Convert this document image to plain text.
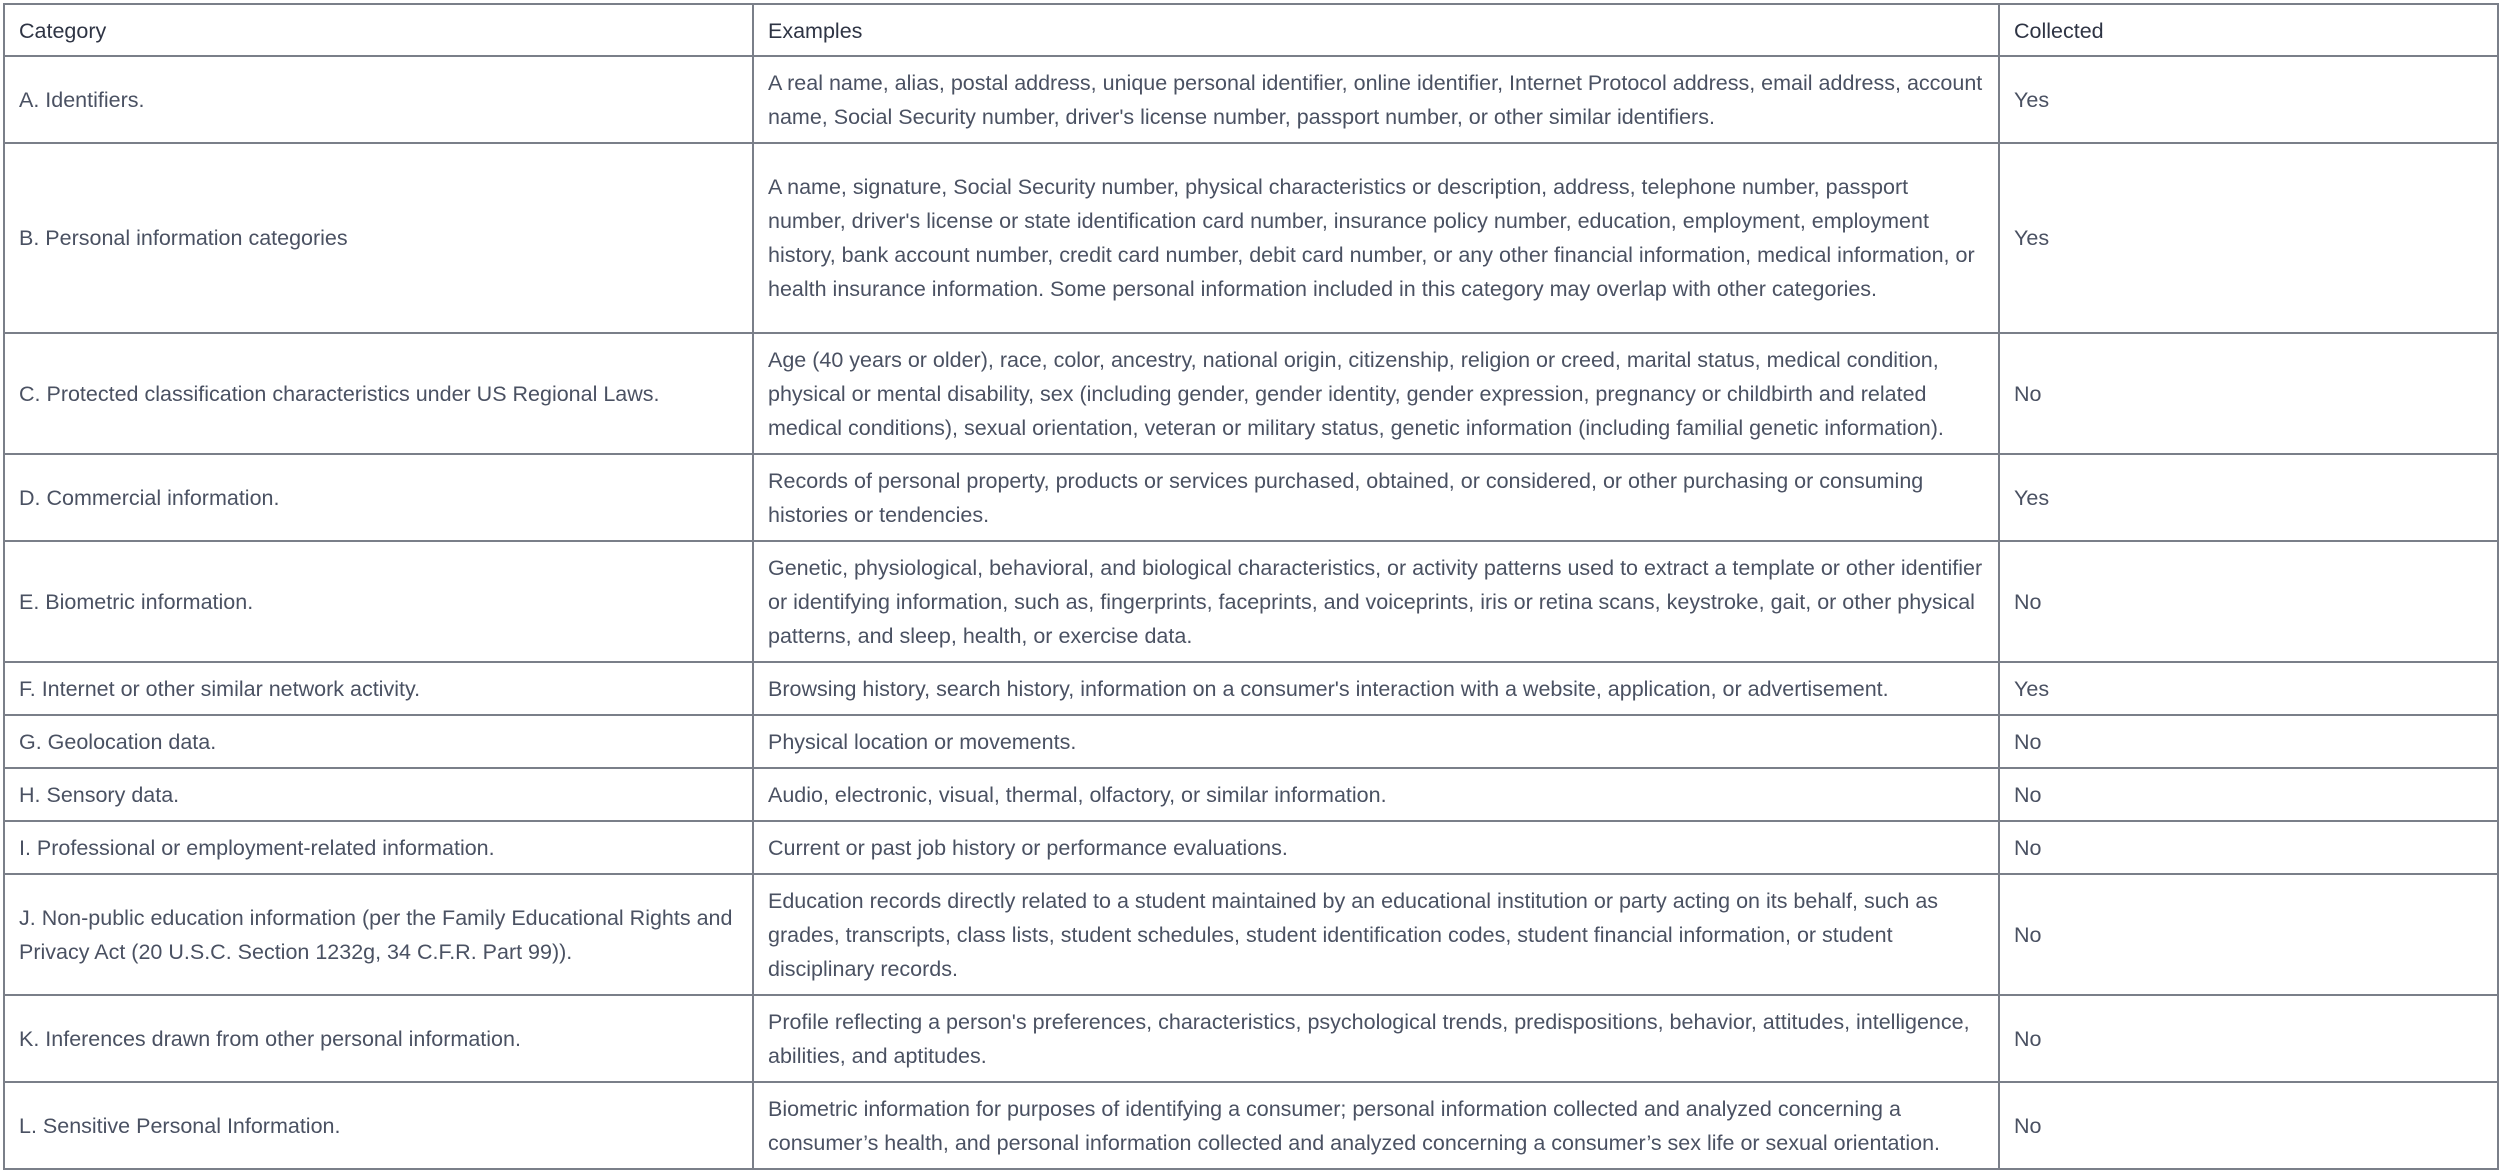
Category	Examples	Collected
A. Identifiers.	A real name, alias, postal address, unique personal identifier, online identifier, Internet Protocol address, email address, account name, Social Security number, driver's license number, passport number, or other similar identifiers.	Yes
B. Personal information categories	A name, signature, Social Security number, physical characteristics or description, address, telephone number, passport number, driver's license or state identification card number, insurance policy number, education, employment, employment history, bank account number, credit card number, debit card number, or any other financial information, medical information, or health insurance information. Some personal information included in this category may overlap with other categories.	Yes
C. Protected classification characteristics under US Regional Laws.	Age (40 years or older), race, color, ancestry, national origin, citizenship, religion or creed, marital status, medical condition, physical or mental disability, sex (including gender, gender identity, gender expression, pregnancy or childbirth and related medical conditions), sexual orientation, veteran or military status, genetic information (including familial genetic information).	No
D. Commercial information.	Records of personal property, products or services purchased, obtained, or considered, or other purchasing or consuming histories or tendencies.	Yes
E. Biometric information.	Genetic, physiological, behavioral, and biological characteristics, or activity patterns used to extract a template or other identifier or identifying information, such as, fingerprints, faceprints, and voiceprints, iris or retina scans, keystroke, gait, or other physical patterns, and sleep, health, or exercise data.	No
F. Internet or other similar network activity.	Browsing history, search history, information on a consumer's interaction with a website, application, or advertisement.	Yes
G. Geolocation data.	Physical location or movements.	No
H. Sensory data.	Audio, electronic, visual, thermal, olfactory, or similar information.	No
I. Professional or employment-related information.	Current or past job history or performance evaluations.	No
J. Non-public education information (per the Family Educational Rights and Privacy Act (20 U.S.C. Section 1232g, 34 C.F.R. Part 99)).	Education records directly related to a student maintained by an educational institution or party acting on its behalf, such as grades, transcripts, class lists, student schedules, student identification codes, student financial information, or student disciplinary records.	No
K. Inferences drawn from other personal information.	Profile reflecting a person's preferences, characteristics, psychological trends, predispositions, behavior, attitudes, intelligence, abilities, and aptitudes.	No
L. Sensitive Personal Information.	Biometric information for purposes of identifying a consumer; personal information collected and analyzed concerning a consumer’s health, and personal information collected and analyzed concerning a consumer’s sex life or sexual orientation.	No
